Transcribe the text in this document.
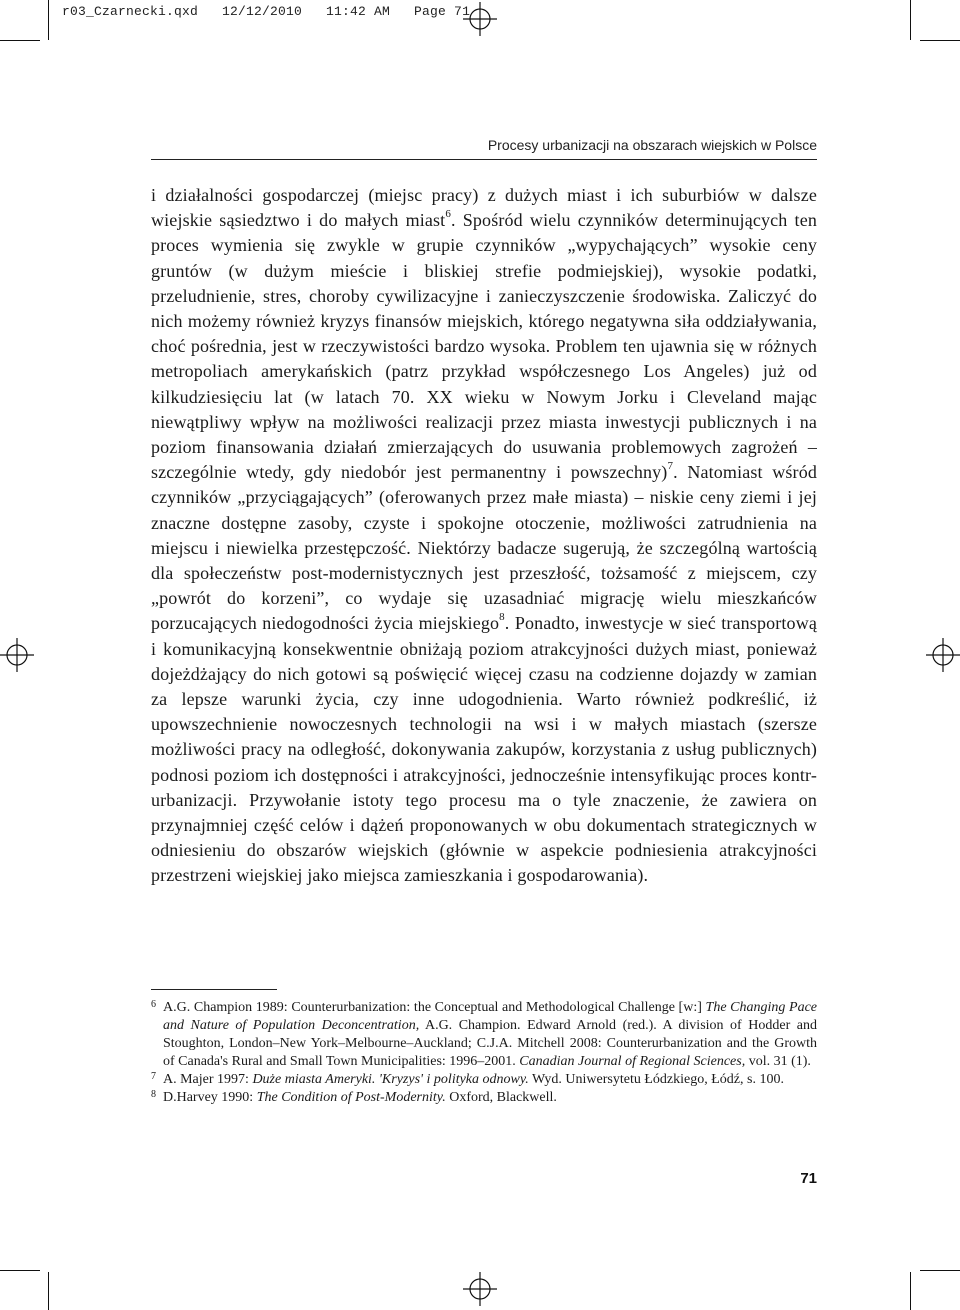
r03_Czarnecki.qxd   12/12/2010   11:42 AM   Page 71
Procesy urbanizacji na obszarach wiejskich w Polsce

i działalności gospodarczej (miejsc pracy) z dużych miast i ich suburbiów w dalsze wiejskie sąsiedztwo i do małych miast$^6$. Spośród wielu czynników determinujących ten proces wymienia się zwykle w grupie czynników „wypychających” wysokie ceny gruntów (w dużym mieście i bliskiej strefie podmiejskiej), wysokie podatki, przeludnienie, stres, choroby cywilizacyjne i zanieczyszczenie środowiska. Zaliczyć do nich możemy również kryzys finansów miejskich, którego negatywna siła oddziaływania, choć pośrednia, jest w rzeczywistości bardzo wysoka. Problem ten ujawnia się w różnych metropoliach amerykańskich (patrz przykład współczesnego Los Angeles) już od kilkudziesięciu lat (w latach 70. XX wieku w Nowym Jorku i Cleveland mając niewątpliwy wpływ na możliwości realizacji przez miasta inwestycji publicznych i na poziom finansowania działań zmierzających do usuwania problemowych zagrożeń – szczególnie wtedy, gdy niedobór jest permanentny i powszechny)$^7$. Natomiast wśród czynników „przyciągających” (oferowanych przez małe miasta) – niskie ceny ziemi i jej znaczne dostępne zasoby, czyste i spokojne otoczenie, możliwości zatrudnienia na miejscu i niewielka przestępczość. Niektórzy badacze sugerują, że szczególną wartością dla społeczeństw post-modernistycznych jest przeszłość, tożsamość z miejscem, czy „powrót do korzeni”, co wydaje się uzasadniać migrację wielu mieszkańców porzucających niedogodności życia miejskiego$^8$. Ponadto, inwestycje w sieć transportową i komunikacyjną konsekwentnie obniżają poziom atrakcyjności dużych miast, ponieważ dojeżdżający do nich gotowi są poświęcić więcej czasu na codzienne dojazdy w zamian za lepsze warunki życia, czy inne udogodnienia. Warto również podkreślić, iż upowszechnienie nowoczesnych technologii na wsi i w małych miastach (szersze możliwości pracy na odległość, dokonywania zakupów, korzystania z usług publicznych) podnosi poziom ich dostępności i atrakcyjności, jednocześnie intensyfikując proces kontr-urbanizacji. Przywołanie istoty tego procesu ma o tyle znaczenie, że zawiera on przynajmniej część celów i dążeń proponowanych w obu dokumentach strategicznych w odniesieniu do obszarów wiejskich (głównie w aspekcie podniesienia atrakcyjności przestrzeni wiejskiej jako miejsca zamieszkania i gospodarowania).

6 A.G. Champion 1989: Counterurbanization: the Conceptual and Methodological Challenge [w:] The Changing Pace and Nature of Population Deconcentration, A.G. Champion. Edward Arnold (red.). A division of Hodder and Stoughton, London–New York–Melbourne–Auckland; C.J.A. Mitchell 2008: Counterurbanization and the Growth of Canada's Rural and Small Town Municipalities: 1996–2001. Canadian Journal of Regional Sciences, vol. 31 (1).

7 A. Majer 1997: Duże miasta Ameryki. 'Kryzys' i polityka odnowy. Wyd. Uniwersytetu Łódzkiego, Łódź, s. 100.

8 D.Harvey 1990: The Condition of Post-Modernity. Oxford, Blackwell.

71
